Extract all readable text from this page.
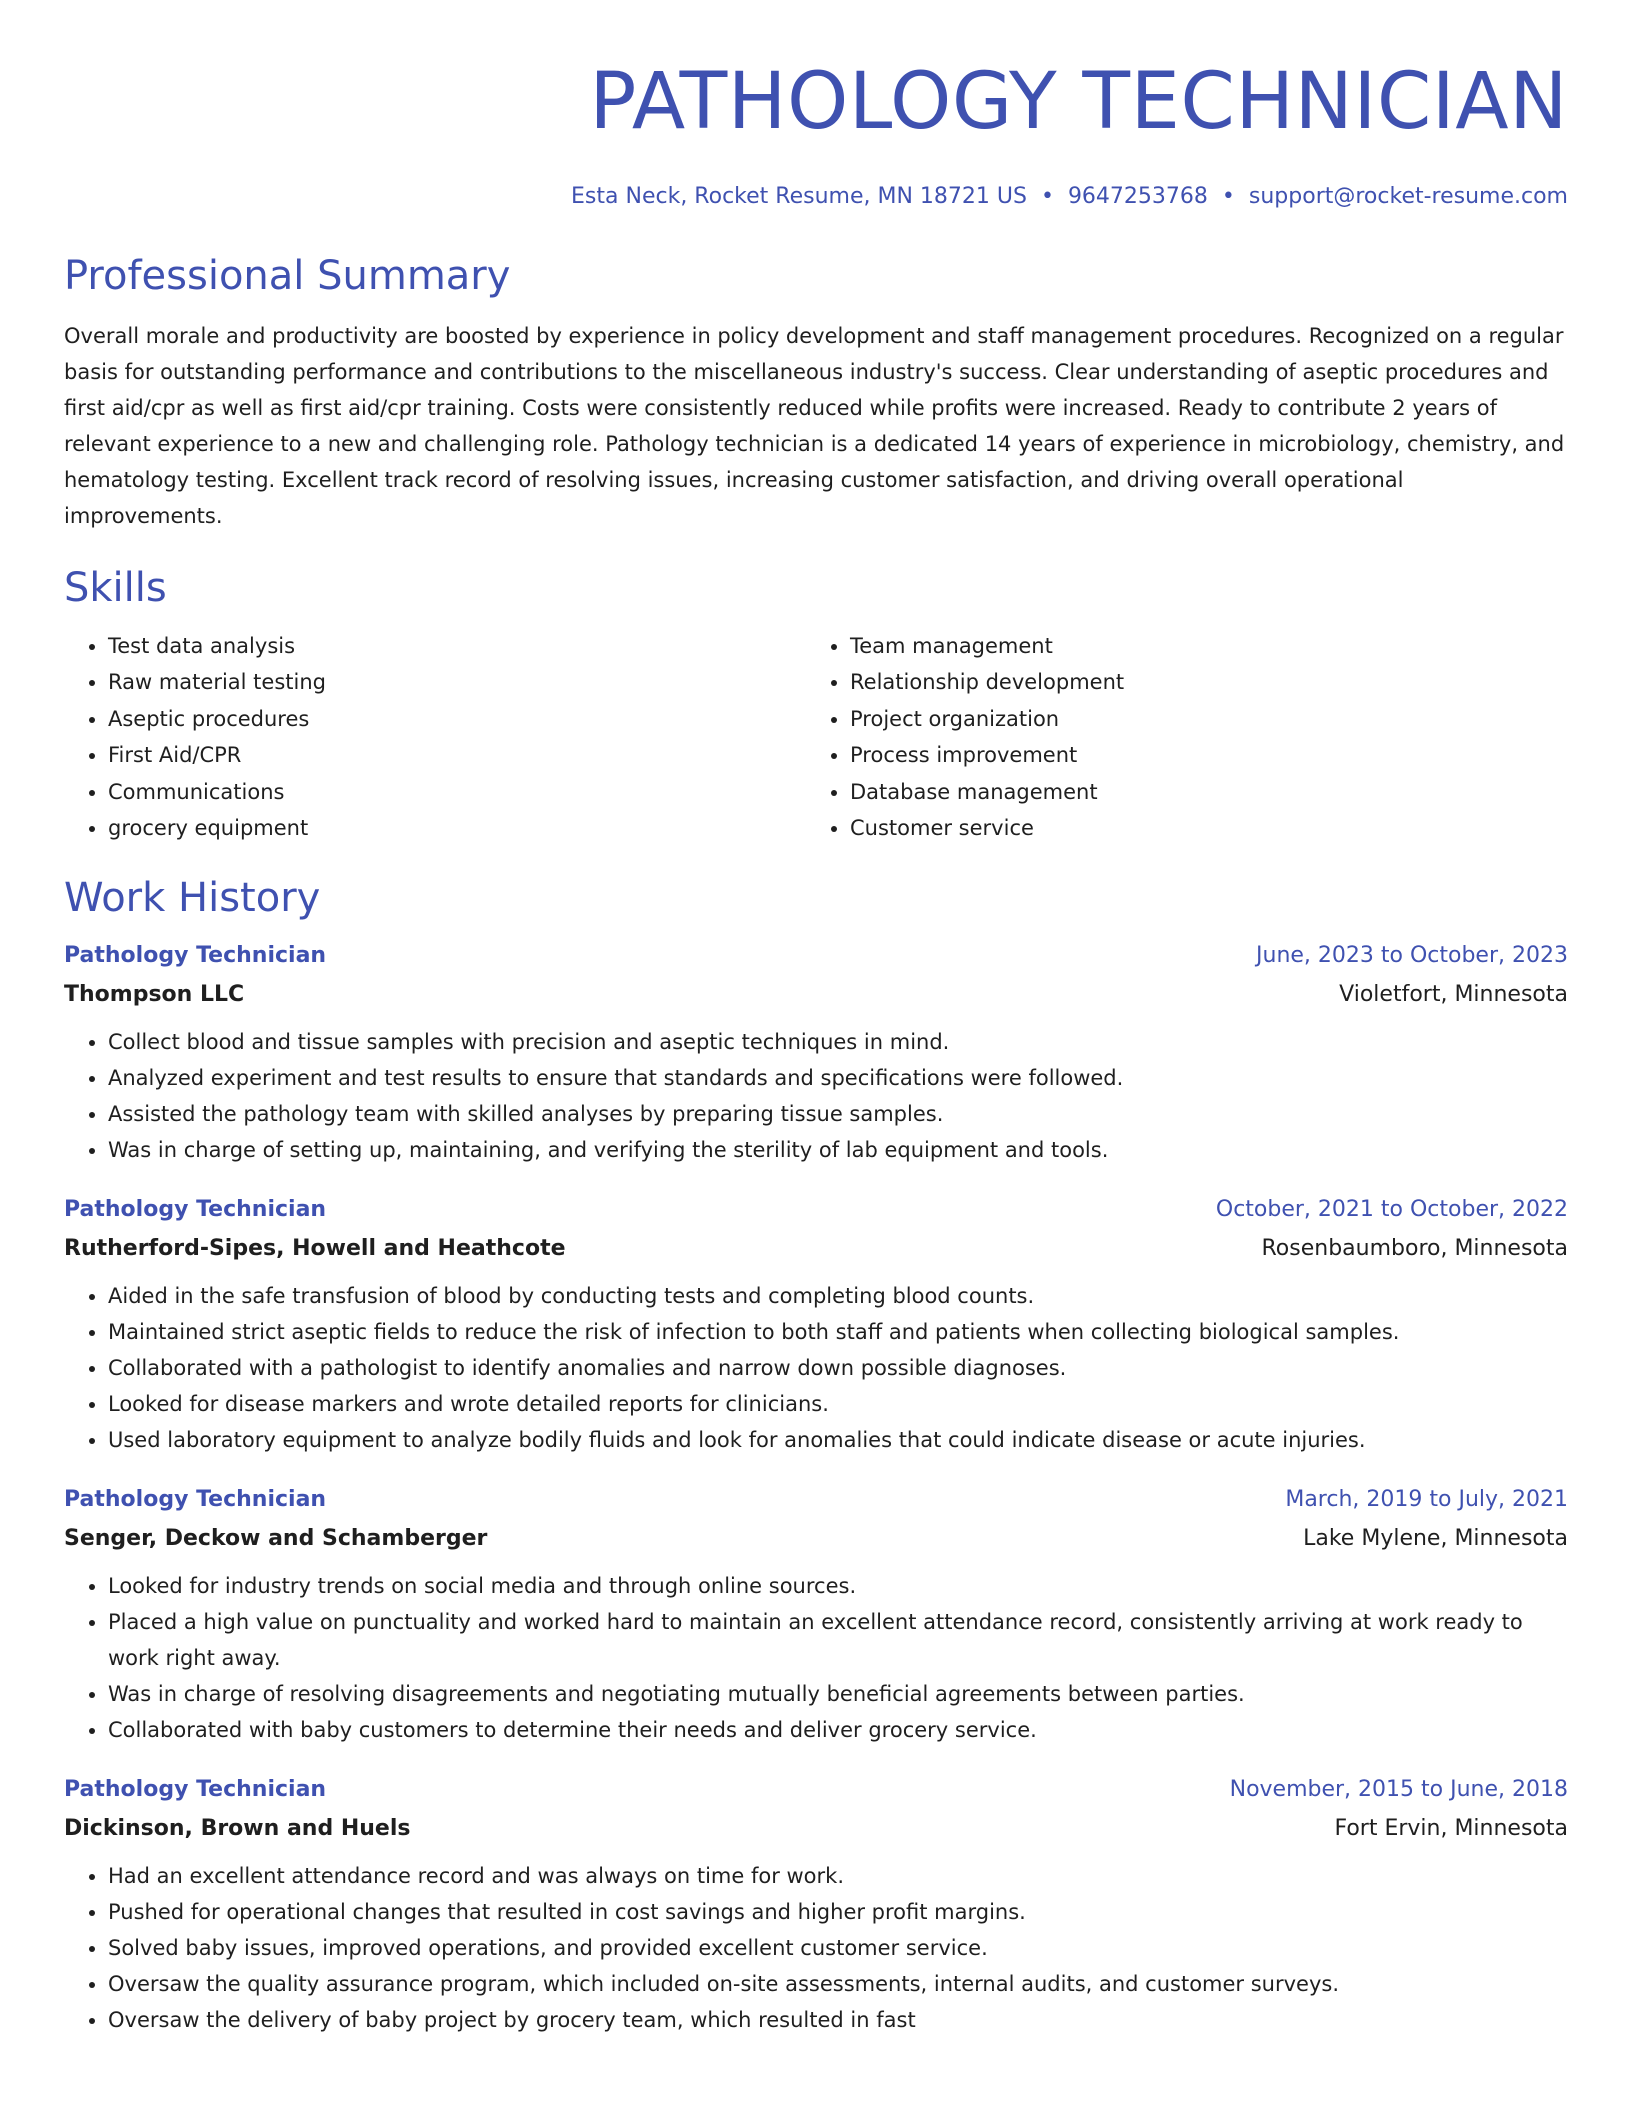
PATHOLOGY TECHNICIAN
Esta Neck, Rocket Resume, MN 18721 US • 9647253768 • support@rocket-resume.com
Professional Summary
Overall morale and productivity are boosted by experience in policy development and staff management procedures. Recognized on a regular basis for outstanding performance and contributions to the miscellaneous industry's success. Clear understanding of aseptic procedures and first aid/cpr as well as first aid/cpr training. Costs were consistently reduced while profits were increased. Ready to contribute 2 years of relevant experience to a new and challenging role. Pathology technician is a dedicated 14 years of experience in microbiology, chemistry, and hematology testing. Excellent track record of resolving issues, increasing customer satisfaction, and driving overall operational improvements.
Skills
• Test data analysis
• Raw material testing
• Aseptic procedures
• First Aid/CPR
• Communications
• grocery equipment
• Team management
• Relationship development
• Project organization
• Process improvement
• Database management
• Customer service
Work History
Pathology Technician	June, 2023 to October, 2023
Thompson LLC	Violetfort, Minnesota
• Collect blood and tissue samples with precision and aseptic techniques in mind.
• Analyzed experiment and test results to ensure that standards and specifications were followed.
• Assisted the pathology team with skilled analyses by preparing tissue samples.
• Was in charge of setting up, maintaining, and verifying the sterility of lab equipment and tools.
Pathology Technician	October, 2021 to October, 2022
Rutherford-Sipes, Howell and Heathcote	Rosenbaumboro, Minnesota
• Aided in the safe transfusion of blood by conducting tests and completing blood counts.
• Maintained strict aseptic fields to reduce the risk of infection to both staff and patients when collecting biological samples.
• Collaborated with a pathologist to identify anomalies and narrow down possible diagnoses.
• Looked for disease markers and wrote detailed reports for clinicians.
• Used laboratory equipment to analyze bodily fluids and look for anomalies that could indicate disease or acute injuries.
Pathology Technician	March, 2019 to July, 2021
Senger, Deckow and Schamberger	Lake Mylene, Minnesota
• Looked for industry trends on social media and through online sources.
• Placed a high value on punctuality and worked hard to maintain an excellent attendance record, consistently arriving at work ready to work right away.
• Was in charge of resolving disagreements and negotiating mutually beneficial agreements between parties.
• Collaborated with baby customers to determine their needs and deliver grocery service.
Pathology Technician	November, 2015 to June, 2018
Dickinson, Brown and Huels	Fort Ervin, Minnesota
• Had an excellent attendance record and was always on time for work.
• Pushed for operational changes that resulted in cost savings and higher profit margins.
• Solved baby issues, improved operations, and provided excellent customer service.
• Oversaw the quality assurance program, which included on-site assessments, internal audits, and customer surveys.
• Oversaw the delivery of baby project by grocery team, which resulted in fast
